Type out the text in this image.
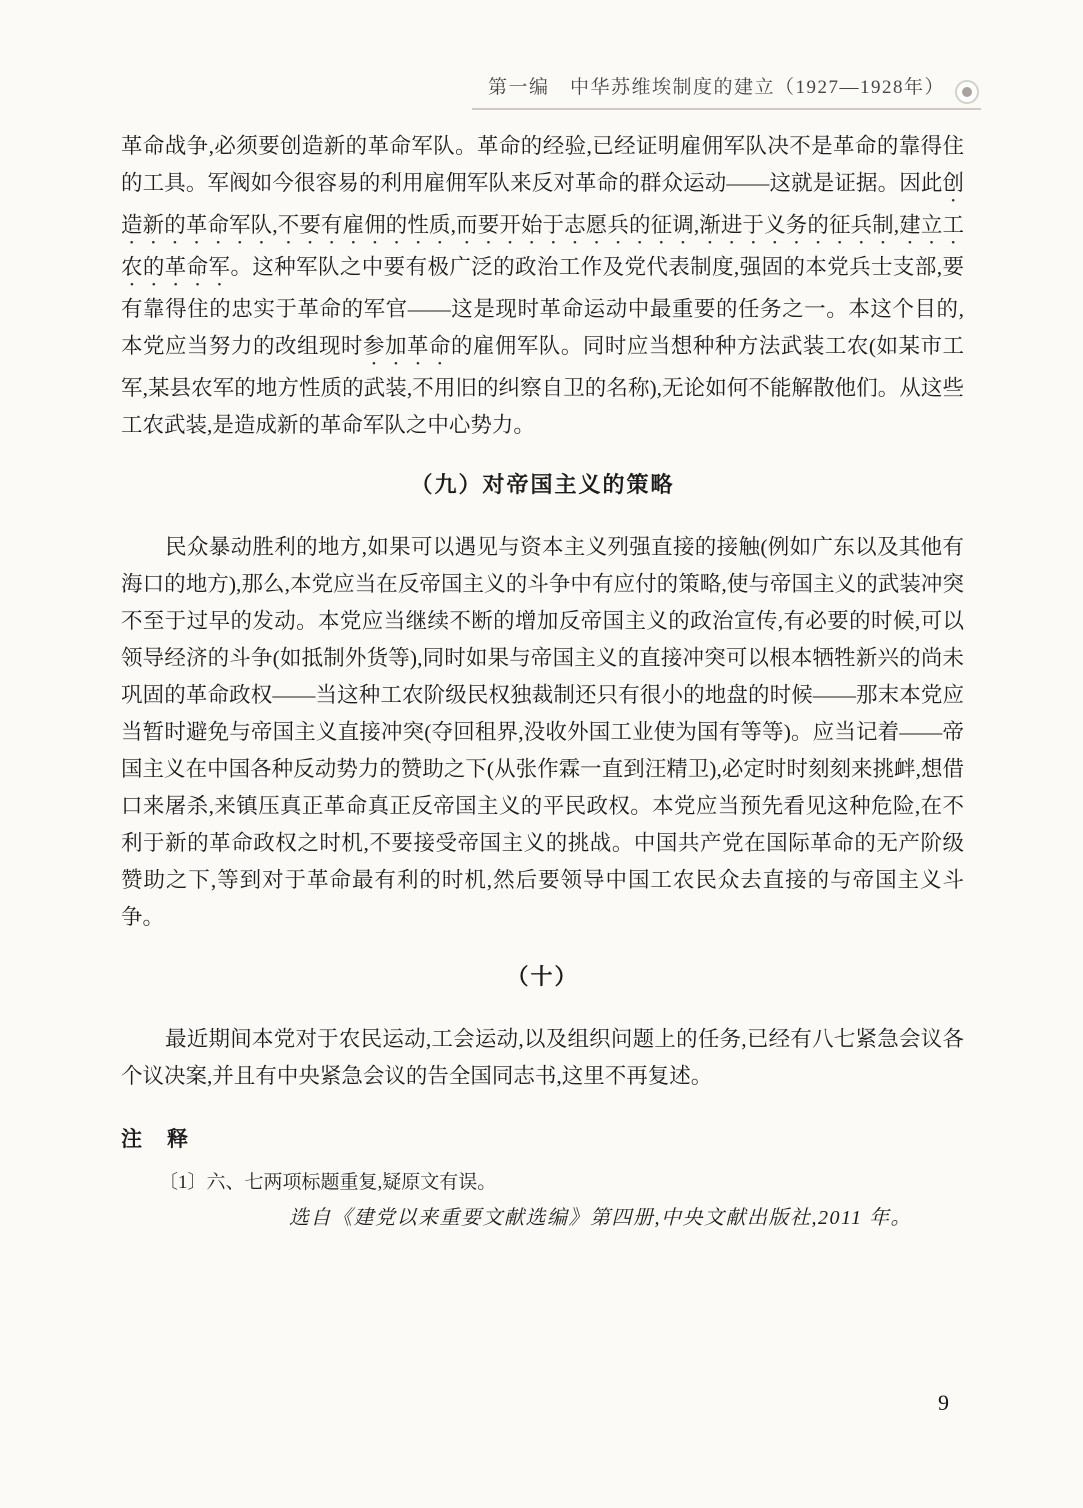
第一编　中华苏维埃制度的建立（1927—1928年）

革命战争,必须要创造新的革命军队。革命的经验,已经证明雇佣军队决不是革命的靠得住的工具。军阀如今很容易的利用雇佣军队来反对革命的群众运动——这就是证据。因此创造新的革命军队,不要有雇佣的性质,而要开始于志愿兵的征调,渐进于义务的征兵制,建立工农的革命军。这种军队之中要有极广泛的政治工作及党代表制度,强固的本党兵士支部,要有靠得住的忠实于革命的军官——这是现时革命运动中最重要的任务之一。本这个目的,本党应当努力的改组现时参加革命的雇佣军队。同时应当想种种方法武装工农(如某市工军,某县农军的地方性质的武装,不用旧的纠察自卫的名称),无论如何不能解散他们。从这些工农武装,是造成新的革命军队之中心势力。

（九）对帝国主义的策略

民众暴动胜利的地方,如果可以遇见与资本主义列强直接的接触(例如广东以及其他有海口的地方),那么,本党应当在反帝国主义的斗争中有应付的策略,使与帝国主义的武装冲突不至于过早的发动。本党应当继续不断的增加反帝国主义的政治宣传,有必要的时候,可以领导经济的斗争(如抵制外货等),同时如果与帝国主义的直接冲突可以根本牺牲新兴的尚未巩固的革命政权——当这种工农阶级民权独裁制还只有很小的地盘的时候——那末本党应当暂时避免与帝国主义直接冲突(夺回租界,没收外国工业使为国有等等)。应当记着——帝国主义在中国各种反动势力的赞助之下(从张作霖一直到汪精卫),必定时时刻刻来挑衅,想借口来屠杀,来镇压真正革命真正反帝国主义的平民政权。本党应当预先看见这种危险,在不利于新的革命政权之时机,不要接受帝国主义的挑战。中国共产党在国际革命的无产阶级赞助之下,等到对于革命最有利的时机,然后要领导中国工农民众去直接的与帝国主义斗争。

（十）

最近期间本党对于农民运动,工会运动,以及组织问题上的任务,已经有八七紧急会议各个议决案,并且有中央紧急会议的告全国同志书,这里不再复述。

注　释

〔1〕六、七两项标题重复,疑原文有误。

选自《建党以来重要文献选编》第四册,中央文献出版社,2011 年。

9
